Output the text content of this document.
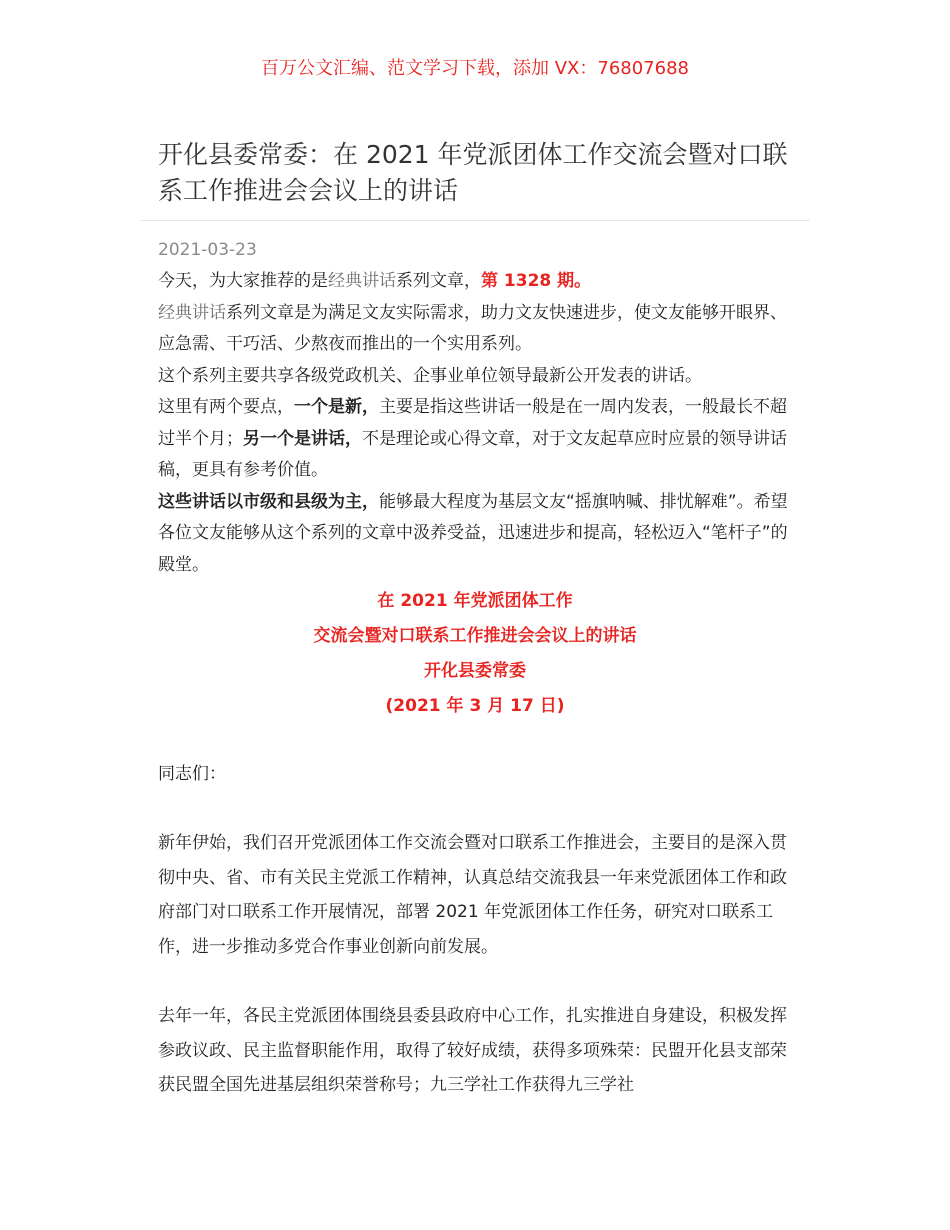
百万公文汇编、范文学习下载，添加 VX：76807688
开化县委常委：在 2021 年党派团体工作交流会暨对口联系工作推进会会议上的讲话
2021-03-23

今天，为大家推荐的是经典讲话系列文章，第 1328 期。

经典讲话系列文章是为满足文友实际需求，助力文友快速进步，使文友能够开眼界、应急需、干巧活、少熬夜而推出的一个实用系列。

这个系列主要共享各级党政机关、企事业单位领导最新公开发表的讲话。

这里有两个要点，一个是新，主要是指这些讲话一般是在一周内发表，一般最长不超过半个月；另一个是讲话，不是理论或心得文章，对于文友起草应时应景的领导讲话稿，更具有参考价值。

这些讲话以市级和县级为主，能够最大程度为基层文友“摇旗呐喊、排忧解难”。希望各位文友能够从这个系列的文章中汲养受益，迅速进步和提高，轻松迈入“笔杆子”的殿堂。

在 2021 年党派团体工作
交流会暨对口联系工作推进会会议上的讲话
开化县委常委
(2021 年 3 月 17 日)

同志们：

新年伊始，我们召开党派团体工作交流会暨对口联系工作推进会，主要目的是深入贯彻中央、省、市有关民主党派工作精神，认真总结交流我县一年来党派团体工作和政府部门对口联系工作开展情况，部署 2021 年党派团体工作任务，研究对口联系工作，进一步推动多党合作事业创新向前发展。

去年一年，各民主党派团体围绕县委县政府中心工作，扎实推进自身建设，积极发挥参政议政、民主监督职能作用，取得了较好成绩，获得多项殊荣：民盟开化县支部荣获民盟全国先进基层组织荣誉称号；九三学社工作获得九三学社
